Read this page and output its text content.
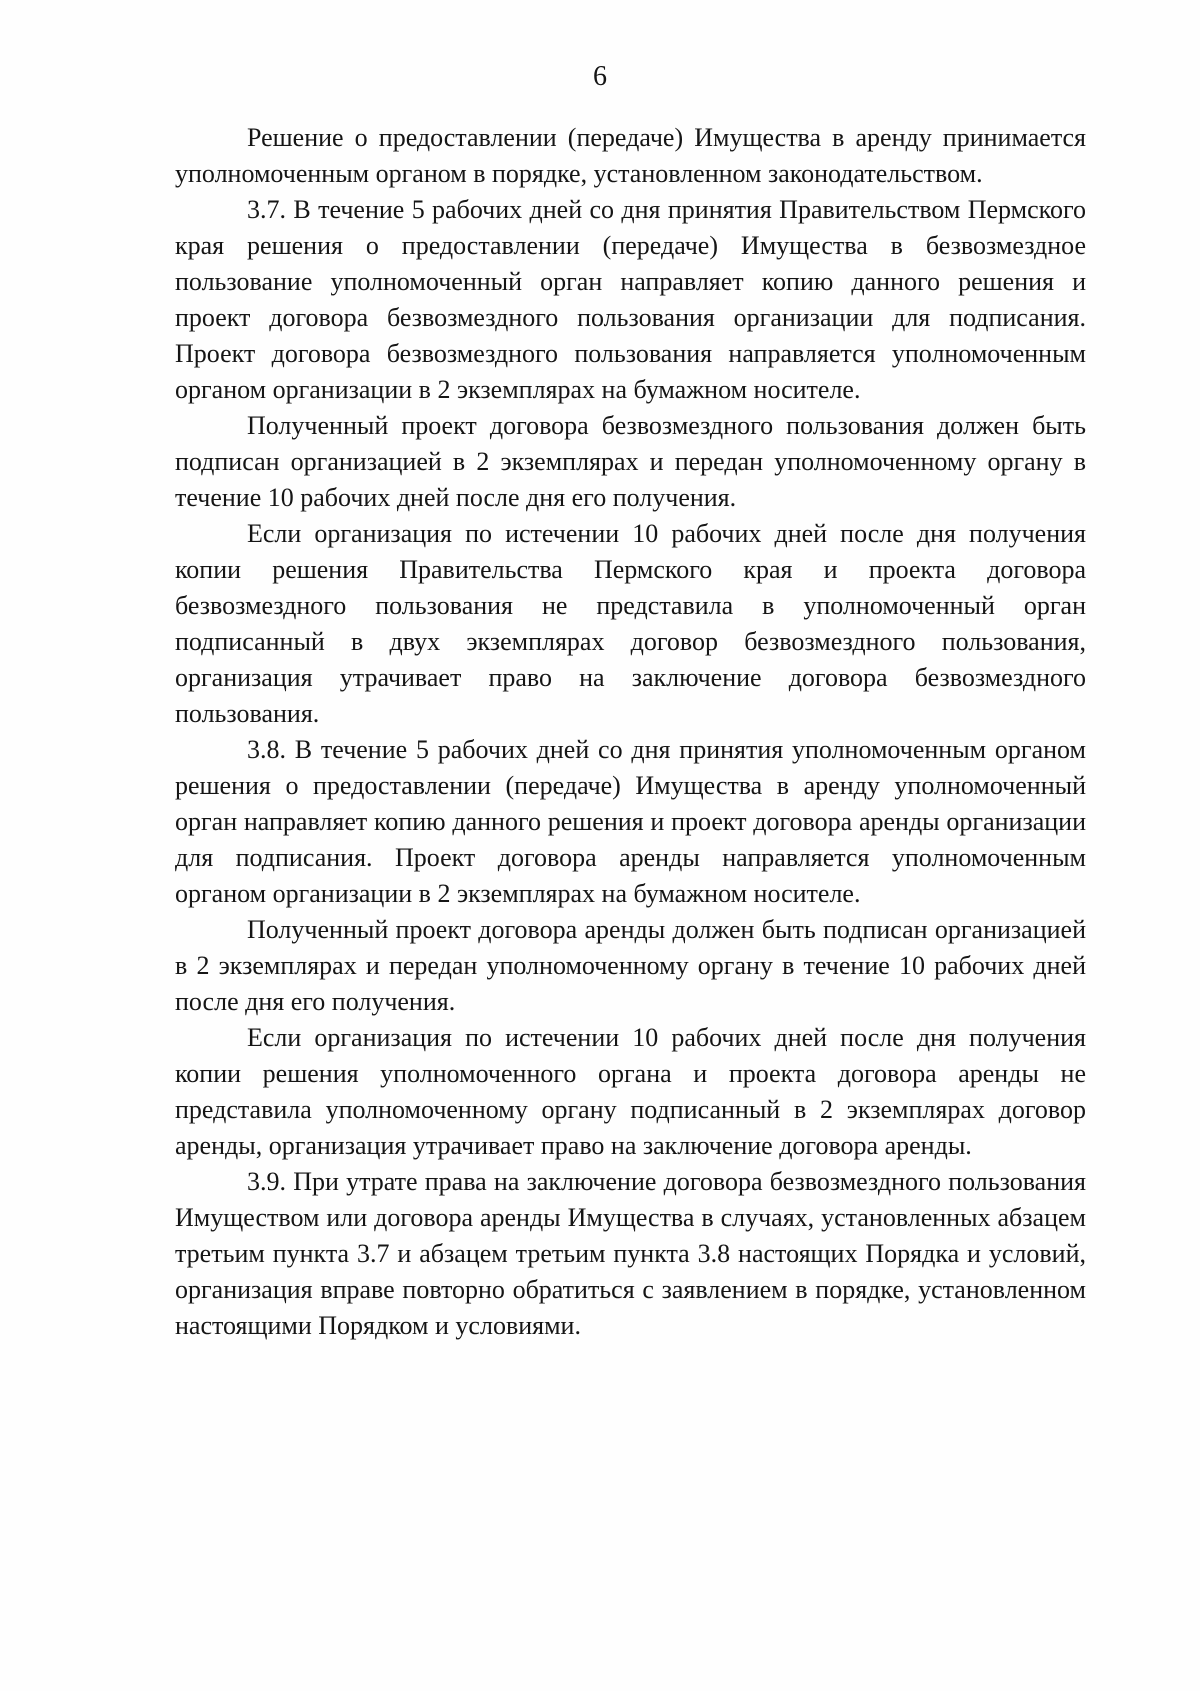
6

Решение о предоставлении (передаче) Имущества в аренду принимается уполномоченным органом в порядке, установленном законодательством.

3.7. В течение 5 рабочих дней со дня принятия Правительством Пермского края решения о предоставлении (передаче) Имущества в безвозмездное пользование уполномоченный орган направляет копию данного решения и проект договора безвозмездного пользования организации для подписания. Проект договора безвозмездного пользования направляется уполномоченным органом организации в 2 экземплярах на бумажном носителе.

Полученный проект договора безвозмездного пользования должен быть подписан организацией в 2 экземплярах и передан уполномоченному органу в течение 10 рабочих дней после дня его получения.

Если организация по истечении 10 рабочих дней после дня получения копии решения Правительства Пермского края и проекта договора безвозмездного пользования не представила в уполномоченный орган подписанный в двух экземплярах договор безвозмездного пользования, организация утрачивает право на заключение договора безвозмездного пользования.

3.8. В течение 5 рабочих дней со дня принятия уполномоченным органом решения о предоставлении (передаче) Имущества в аренду уполномоченный орган направляет копию данного решения и проект договора аренды организации для подписания. Проект договора аренды направляется уполномоченным органом организации в 2 экземплярах на бумажном носителе.

Полученный проект договора аренды должен быть подписан организацией в 2 экземплярах и передан уполномоченному органу в течение 10 рабочих дней после дня его получения.

Если организация по истечении 10 рабочих дней после дня получения копии решения уполномоченного органа и проекта договора аренды не представила уполномоченному органу подписанный в 2 экземплярах договор аренды, организация утрачивает право на заключение договора аренды.

3.9. При утрате права на заключение договора безвозмездного пользования Имуществом или договора аренды Имущества в случаях, установленных абзацем третьим пункта 3.7 и абзацем третьим пункта 3.8 настоящих Порядка и условий, организация вправе повторно обратиться с заявлением в порядке, установленном настоящими Порядком и условиями.
